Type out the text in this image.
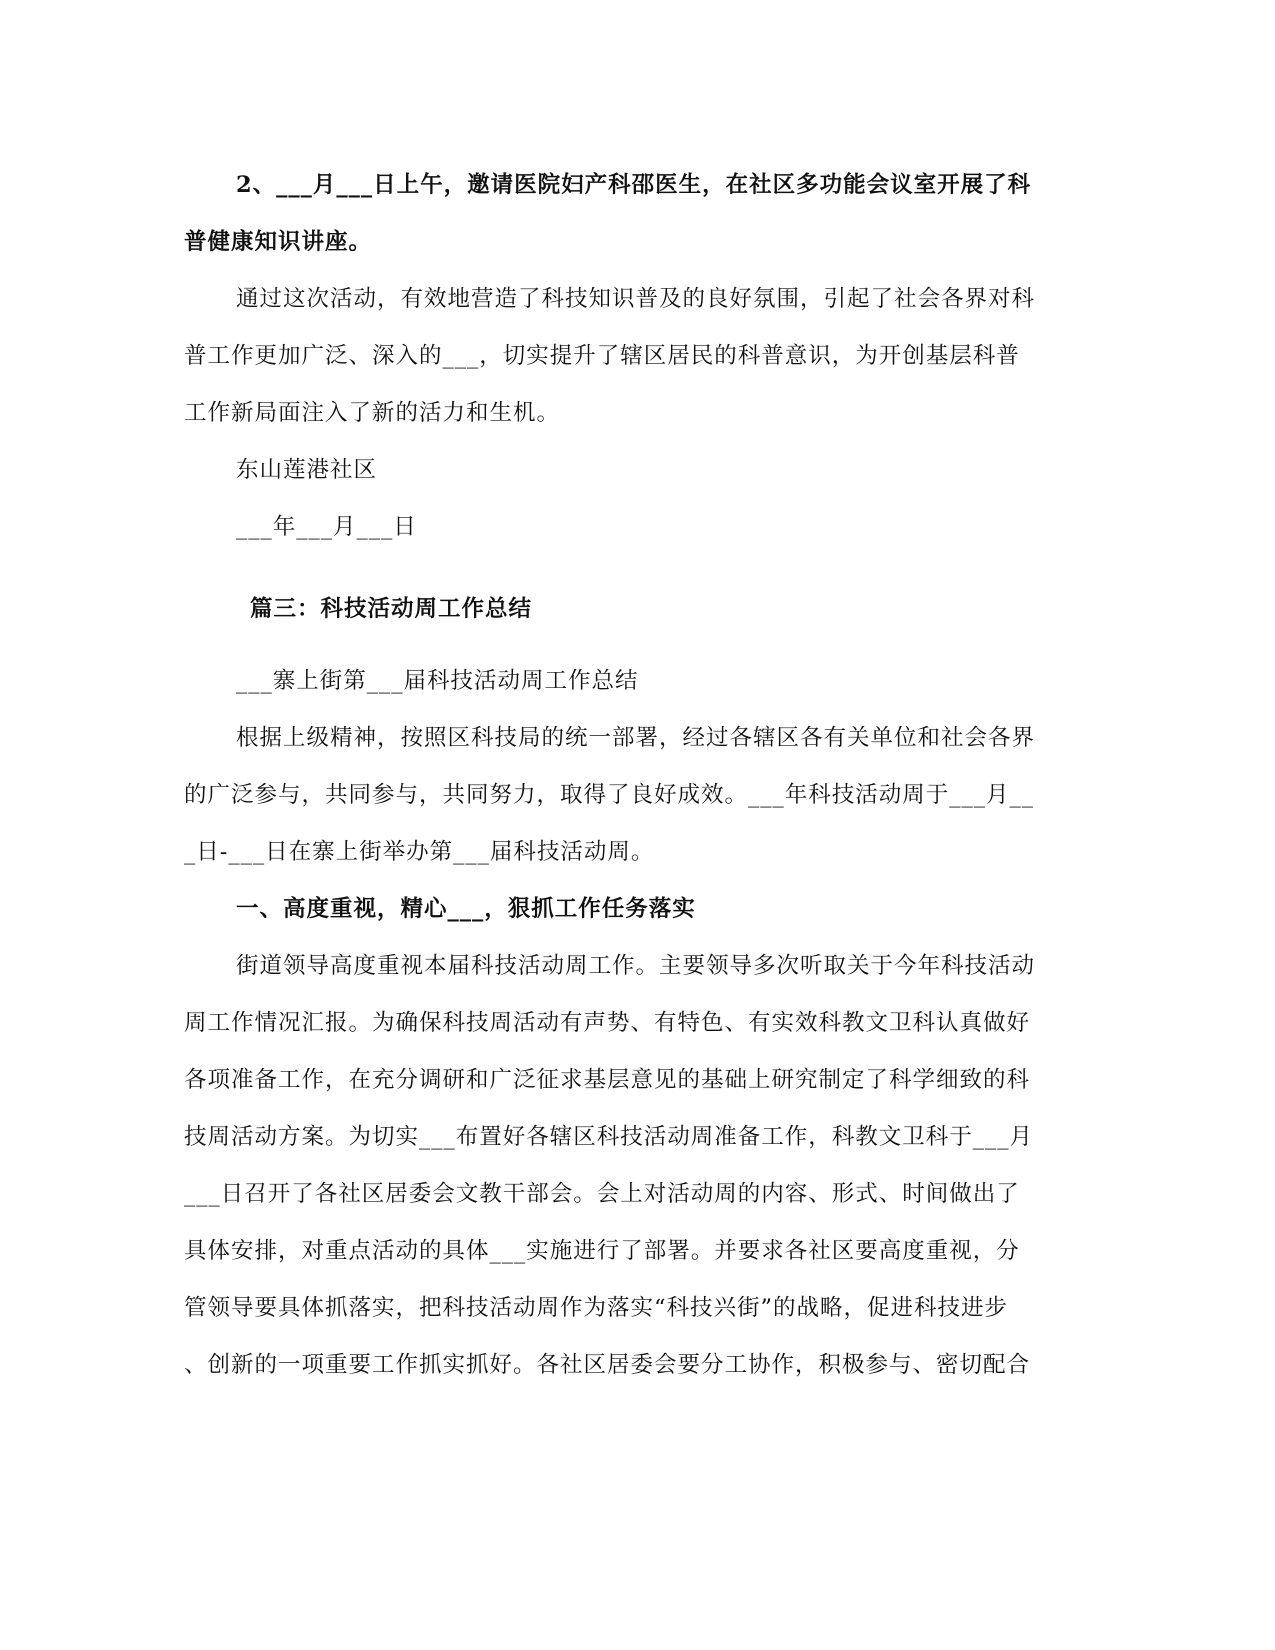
2、___月___日上午，邀请医院妇产科邵医生，在社区多功能会议室开展了科
普健康知识讲座。
通过这次活动，有效地营造了科技知识普及的良好氛围，引起了社会各界对科
普工作更加广泛、深入的___，切实提升了辖区居民的科普意识，为开创基层科普
工作新局面注入了新的活力和生机。
东山莲港社区
___年___月___日
篇三：科技活动周工作总结
___寨上街第___届科技活动周工作总结
根据上级精神，按照区科技局的统一部署，经过各辖区各有关单位和社会各界
的广泛参与，共同参与，共同努力，取得了良好成效。___年科技活动周于___月__
_日-___日在寨上街举办第___届科技活动周。
一、高度重视，精心___，狠抓工作任务落实
街道领导高度重视本届科技活动周工作。主要领导多次听取关于今年科技活动
周工作情况汇报。为确保科技周活动有声势、有特色、有实效科教文卫科认真做好
各项准备工作，在充分调研和广泛征求基层意见的基础上研究制定了科学细致的科
技周活动方案。为切实___布置好各辖区科技活动周准备工作，科教文卫科于___月
___日召开了各社区居委会文教干部会。会上对活动周的内容、形式、时间做出了
具体安排，对重点活动的具体___实施进行了部署。并要求各社区要高度重视，分
管领导要具体抓落实，把科技活动周作为落实“科技兴街”的战略，促进科技进步
、创新的一项重要工作抓实抓好。各社区居委会要分工协作，积极参与、密切配合
